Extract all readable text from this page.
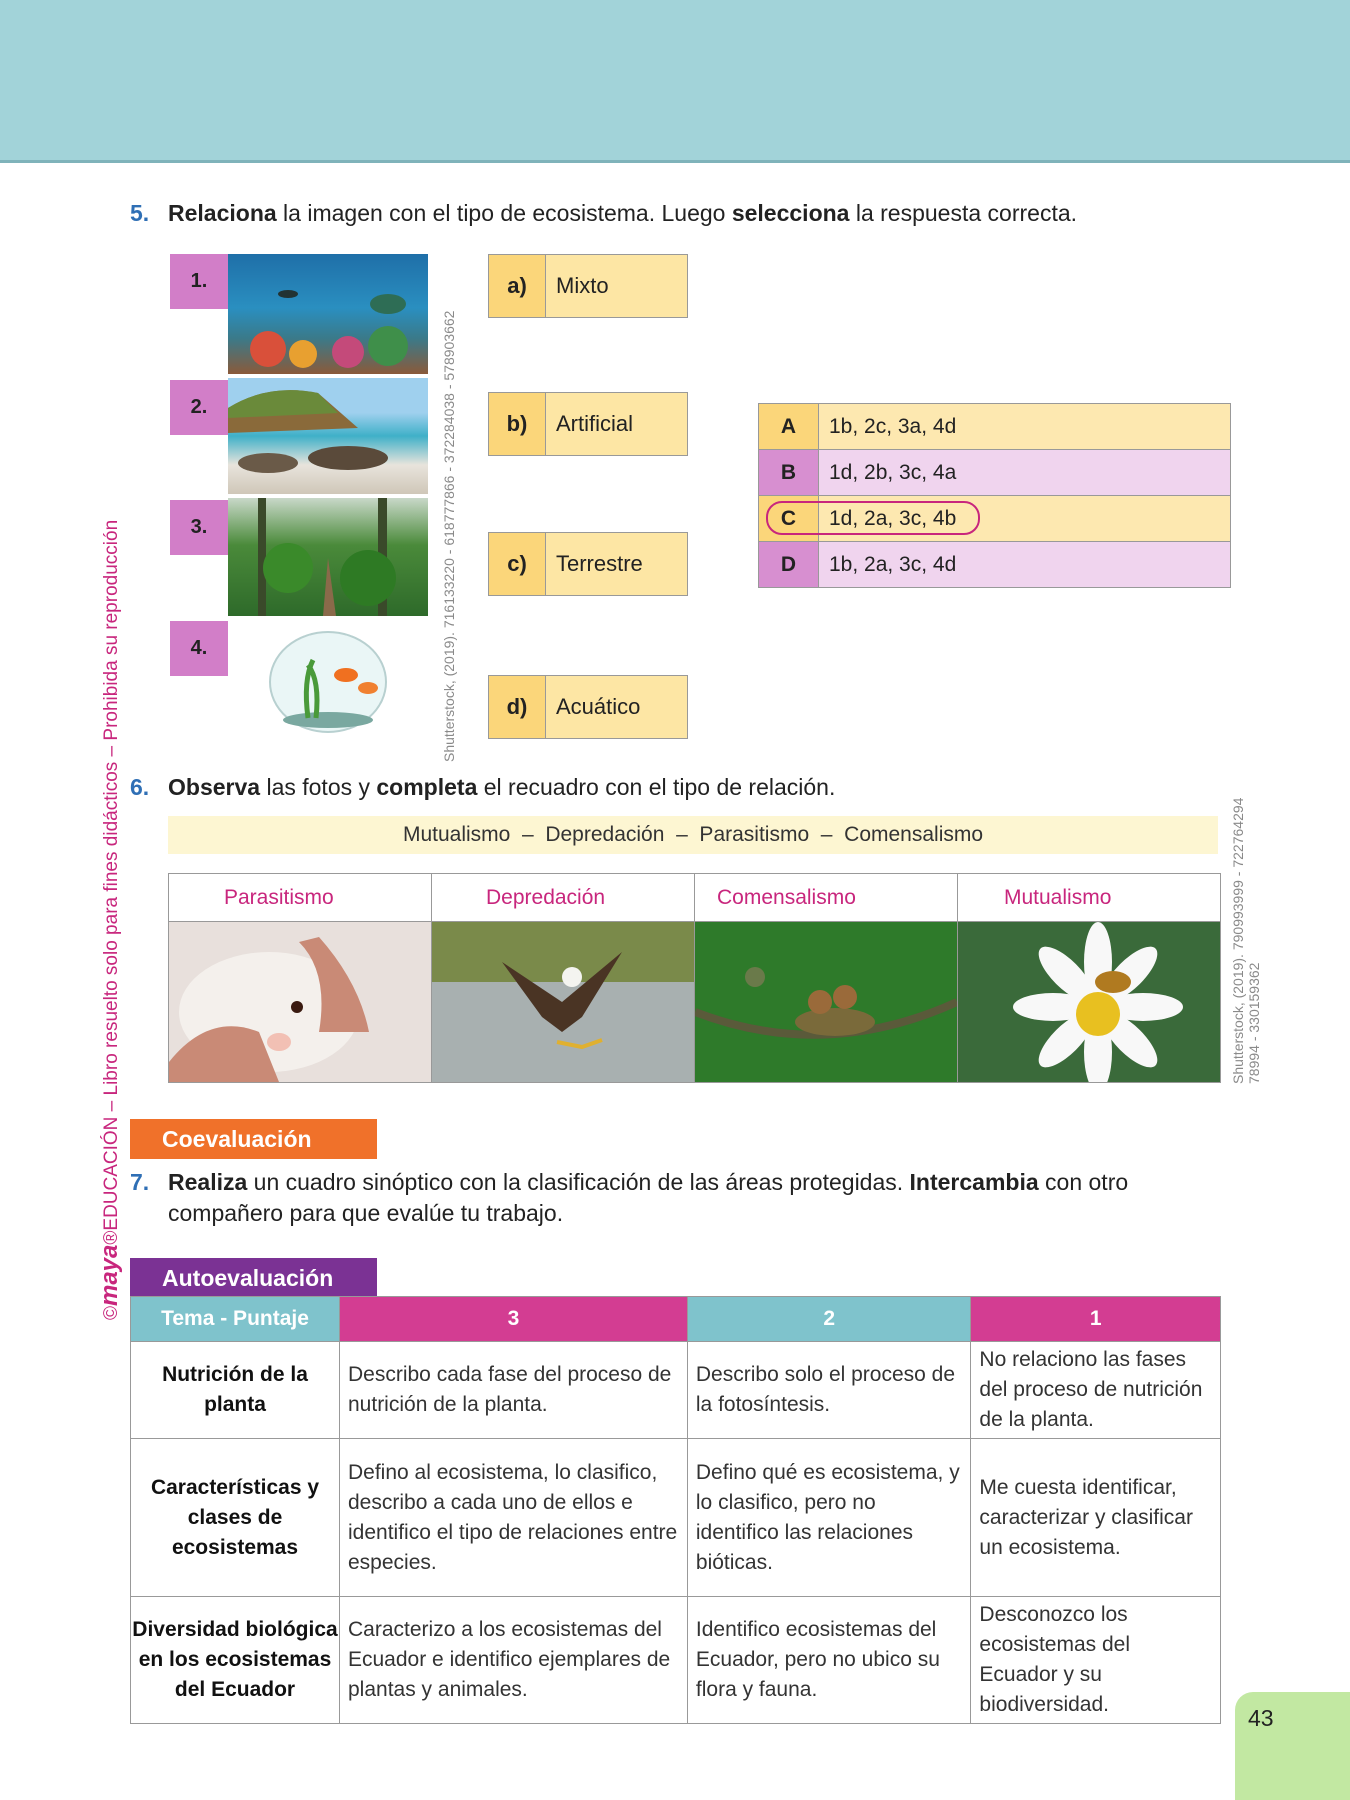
©maya®EDUCACIÓN – Libro resuelto solo para fines didácticos – Prohibida su reproducción
5. Relaciona la imagen con el tipo de ecosistema. Luego selecciona la respuesta correcta.
1.
2.
3.
4.	Shutterstock, (2019). 716133220 - 618777866 - 372284038 - 578903662
a)	Mixto
b)	Artificial
c)	Terrestre
d)	Acuático
A	1b, 2c, 3a, 4d
B	1d, 2b, 3c, 4a
C	1d, 2a, 3c, 4b
D	1b, 2a, 3c, 4d
6. Observa las fotos y completa el recuadro con el tipo de relación.
Mutualismo  –  Depredación  –  Parasitismo  –  Comensalismo
Parasitismo	Depredación	Comensalismo	Mutualismo

		Shutterstock, (2019). 790993999 - 722764294 78994 - 330159362
Coevaluación
7. Realiza un cuadro sinóptico con la clasificación de las áreas protegidas. Intercambia con otro compañero para que evalúe tu trabajo.
Autoevaluación
Tema - Puntaje	3	2	1
Nutrición de la planta	Describo cada fase del proceso de nutrición de la planta.	Describo solo el proceso de la fotosíntesis.	No relaciono las fases del proceso de nutrición de la planta.
Características y clases de ecosistemas	Defino al ecosistema, lo clasifico, describo a cada uno de ellos e identifico el tipo de relaciones entre especies.	Defino qué es ecosistema, y lo clasifico, pero no identifico las relaciones bióticas.	Me cuesta identificar, caracterizar y clasificar un ecosistema.
Diversidad biológica en los ecosistemas del Ecuador	Caracterizo a los ecosistemas del Ecuador e identifico ejemplares de plantas y animales.	Identifico ecosistemas del Ecuador, pero no ubico su flora y fauna.	Desconozco los ecosistemas del Ecuador y su biodiversidad.
43
